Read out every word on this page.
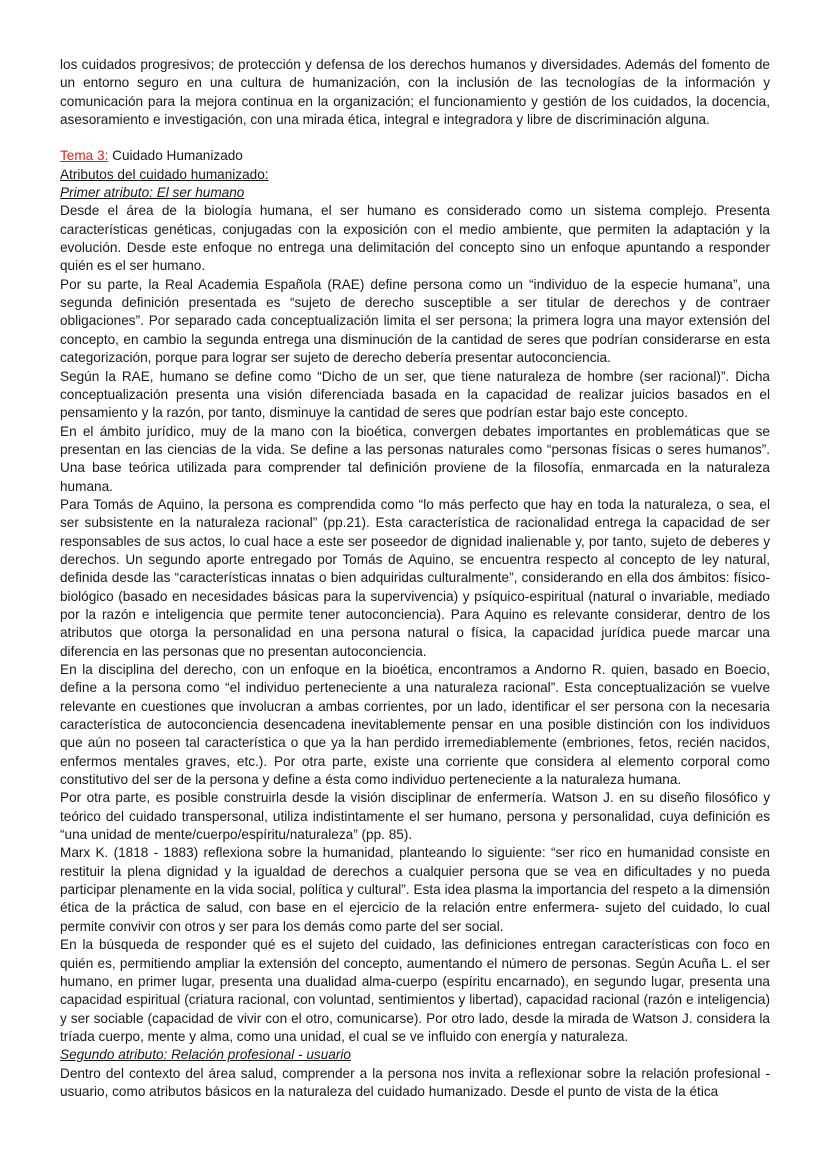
los cuidados progresivos; de protección y defensa de los derechos humanos y diversidades. Además del fomento de un entorno seguro en una cultura de humanización, con la inclusión de las tecnologías de la información y comunicación para la mejora continua en la organización; el funcionamiento y gestión de los cuidados, la docencia, asesoramiento e investigación, con una mirada ética, integral e integradora y libre de discriminación alguna.

Tema 3: Cuidado Humanizado

Atributos del cuidado humanizado:

Primer atributo: El ser humano

Desde el área de la biología humana, el ser humano es considerado como un sistema complejo. Presenta características genéticas, conjugadas con la exposición con el medio ambiente, que permiten la adaptación y la evolución. Desde este enfoque no entrega una delimitación del concepto sino un enfoque apuntando a responder quién es el ser humano.

Por su parte, la Real Academia Española (RAE) define persona como un “individuo de la especie humana”, una segunda definición presentada es “sujeto de derecho susceptible a ser titular de derechos y de contraer obligaciones”. Por separado cada conceptualización limita el ser persona; la primera logra una mayor extensión del concepto, en cambio la segunda entrega una disminución de la cantidad de seres que podrían considerarse en esta categorización, porque para lograr ser sujeto de derecho debería presentar autoconciencia.

Según la RAE, humano se define como “Dicho de un ser, que tiene naturaleza de hombre (ser racional)”. Dicha conceptualización presenta una visión diferenciada basada en la capacidad de realizar juicios basados en el pensamiento y la razón, por tanto, disminuye la cantidad de seres que podrían estar bajo este concepto.

En el ámbito jurídico, muy de la mano con la bioética, convergen debates importantes en problemáticas que se presentan en las ciencias de la vida. Se define a las personas naturales como “personas físicas o seres humanos”. Una base teórica utilizada para comprender tal definición proviene de la filosofía, enmarcada en la naturaleza humana.

Para Tomás de Aquino, la persona es comprendida como “lo más perfecto que hay en toda la naturaleza, o sea, el ser subsistente en la naturaleza racional” (pp.21). Esta característica de racionalidad entrega la capacidad de ser responsables de sus actos, lo cual hace a este ser poseedor de dignidad inalienable y, por tanto, sujeto de deberes y derechos. Un segundo aporte entregado por Tomás de Aquino, se encuentra respecto al concepto de ley natural, definida desde las “características innatas o bien adquiridas culturalmente”, considerando en ella dos ámbitos: físico-biológico (basado en necesidades básicas para la supervivencia) y psíquico-espiritual (natural o invariable, mediado por la razón e inteligencia que permite tener autoconciencia). Para Aquino es relevante considerar, dentro de los atributos que otorga la personalidad en una persona natural o física, la capacidad jurídica puede marcar una diferencia en las personas que no presentan autoconciencia.

En la disciplina del derecho, con un enfoque en la bioética, encontramos a Andorno R. quien, basado en Boecio, define a la persona como “el individuo perteneciente a una naturaleza racional”. Esta conceptualización se vuelve relevante en cuestiones que involucran a ambas corrientes, por un lado, identificar el ser persona con la necesaria característica de autoconciencia desencadena inevitablemente pensar en una posible distinción con los individuos que aún no poseen tal característica o que ya la han perdido irremediablemente (embriones, fetos, recién nacidos, enfermos mentales graves, etc.). Por otra parte, existe una corriente que considera al elemento corporal como constitutivo del ser de la persona y define a ésta como individuo perteneciente a la naturaleza humana.

Por otra parte, es posible construirla desde la visión disciplinar de enfermería. Watson J. en su diseño filosófico y teórico del cuidado transpersonal, utiliza indistintamente el ser humano, persona y personalidad, cuya definición es “una unidad de mente/cuerpo/espíritu/naturaleza” (pp. 85).

Marx K. (1818 - 1883) reflexiona sobre la humanidad, planteando lo siguiente: “ser rico en humanidad consiste en restituir la plena dignidad y la igualdad de derechos a cualquier persona que se vea en dificultades y no pueda participar plenamente en la vida social, política y cultural”. Esta idea plasma la importancia del respeto a la dimensión ética de la práctica de salud, con base en el ejercicio de la relación entre enfermera- sujeto del cuidado, lo cual permite convivir con otros y ser para los demás como parte del ser social.

En la búsqueda de responder qué es el sujeto del cuidado, las definiciones entregan características con foco en quién es, permitiendo ampliar la extensión del concepto, aumentando el número de personas. Según Acuña L. el ser humano, en primer lugar, presenta una dualidad alma-cuerpo (espíritu encarnado), en segundo lugar, presenta una capacidad espiritual (criatura racional, con voluntad, sentimientos y libertad), capacidad racional (razón e inteligencia) y ser sociable (capacidad de vivir con el otro, comunicarse). Por otro lado, desde la mirada de Watson J. considera la tríada cuerpo, mente y alma, como una unidad, el cual se ve influido con energía y naturaleza.

Segundo atributo: Relación profesional - usuario

Dentro del contexto del área salud, comprender a la persona nos invita a reflexionar sobre la relación profesional - usuario, como atributos básicos en la naturaleza del cuidado humanizado. Desde el punto de vista de la ética
